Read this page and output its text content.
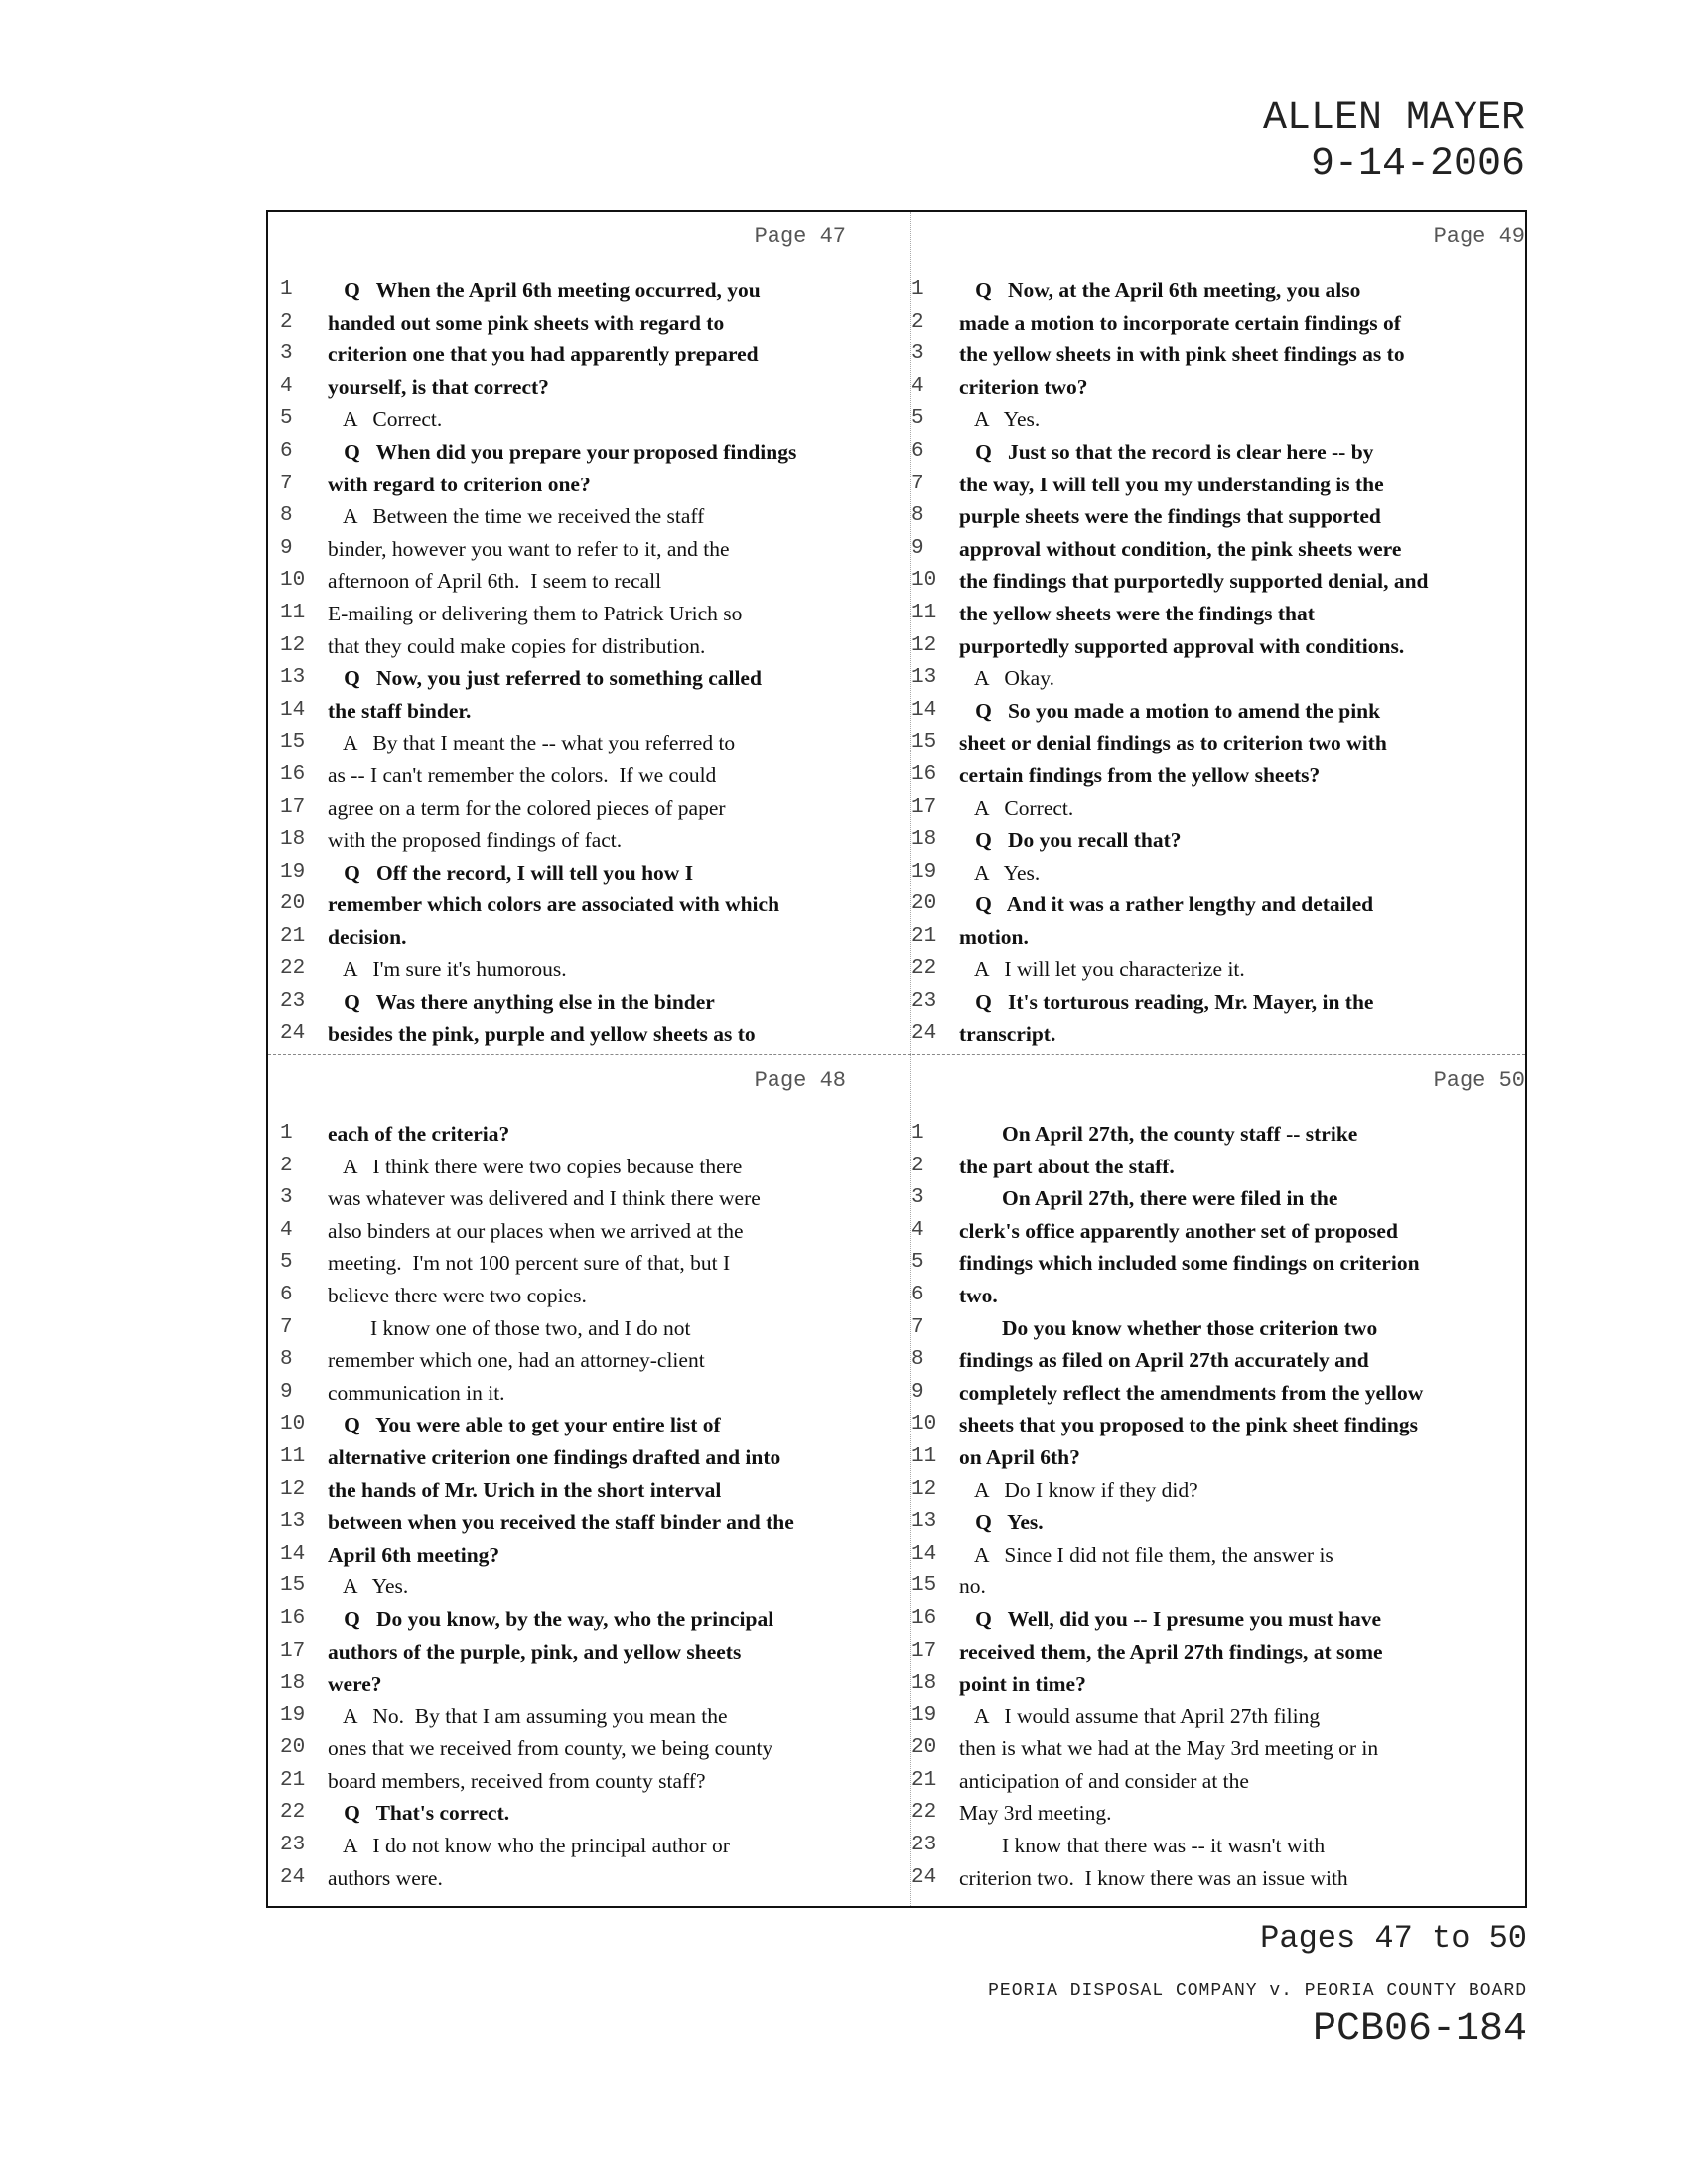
ALLEN MAYER
9-14-2006
Page 47
1	Q   When the April 6th meeting occurred, you
2	handed out some pink sheets with regard to
3	criterion one that you had apparently prepared
4	yourself, is that correct?
5	A   Correct.
6	Q   When did you prepare your proposed findings
7	with regard to criterion one?
8	A   Between the time we received the staff
9	binder, however you want to refer to it, and the
10	afternoon of April 6th.  I seem to recall
11	E-mailing or delivering them to Patrick Urich so
12	that they could make copies for distribution.
13	Q   Now, you just referred to something called
14	the staff binder.
15	A   By that I meant the -- what you referred to
16	as -- I can't remember the colors.  If we could
17	agree on a term for the colored pieces of paper
18	with the proposed findings of fact.
19	Q   Off the record, I will tell you how I
20	remember which colors are associated with which
21	decision.
22	A   I'm sure it's humorous.
23	Q   Was there anything else in the binder
24	besides the pink, purple and yellow sheets as to
Page 49
1	Q   Now, at the April 6th meeting, you also
2	made a motion to incorporate certain findings of
3	the yellow sheets in with pink sheet findings as to
4	criterion two?
5	A   Yes.
6	Q   Just so that the record is clear here -- by
7	the way, I will tell you my understanding is the
8	purple sheets were the findings that supported
9	approval without condition, the pink sheets were
10	the findings that purportedly supported denial, and
11	the yellow sheets were the findings that
12	purportedly supported approval with conditions.
13	A   Okay.
14	Q   So you made a motion to amend the pink
15	sheet or denial findings as to criterion two with
16	certain findings from the yellow sheets?
17	A   Correct.
18	Q   Do you recall that?
19	A   Yes.
20	Q   And it was a rather lengthy and detailed
21	motion.
22	A   I will let you characterize it.
23	Q   It's torturous reading, Mr. Mayer, in the
24	transcript.
Page 48
1	each of the criteria?
2	A   I think there were two copies because there
3	was whatever was delivered and I think there were
4	also binders at our places when we arrived at the
5	meeting.  I'm not 100 percent sure of that, but I
6	believe there were two copies.
7	I know one of those two, and I do not
8	remember which one, had an attorney-client
9	communication in it.
10	Q   You were able to get your entire list of
11	alternative criterion one findings drafted and into
12	the hands of Mr. Urich in the short interval
13	between when you received the staff binder and the
14	April 6th meeting?
15	A   Yes.
16	Q   Do you know, by the way, who the principal
17	authors of the purple, pink, and yellow sheets
18	were?
19	A   No.  By that I am assuming you mean the
20	ones that we received from county, we being county
21	board members, received from county staff?
22	Q   That's correct.
23	A   I do not know who the principal author or
24	authors were.
Page 50
1	On April 27th, the county staff -- strike
2	the part about the staff.
3	On April 27th, there were filed in the
4	clerk's office apparently another set of proposed
5	findings which included some findings on criterion
6	two.
7	Do you know whether those criterion two
8	findings as filed on April 27th accurately and
9	completely reflect the amendments from the yellow
10	sheets that you proposed to the pink sheet findings
11	on April 6th?
12	A   Do I know if they did?
13	Q   Yes.
14	A   Since I did not file them, the answer is
15	no.
16	Q   Well, did you -- I presume you must have
17	received them, the April 27th findings, at some
18	point in time?
19	A   I would assume that April 27th filing
20	then is what we had at the May 3rd meeting or in
21	anticipation of and consider at the
22	May 3rd meeting.
23	I know that there was -- it wasn't with
24	criterion two.  I know there was an issue with
Pages 47 to 50
PEORIA DISPOSAL COMPANY v. PEORIA COUNTY BOARD
PCB06-184
